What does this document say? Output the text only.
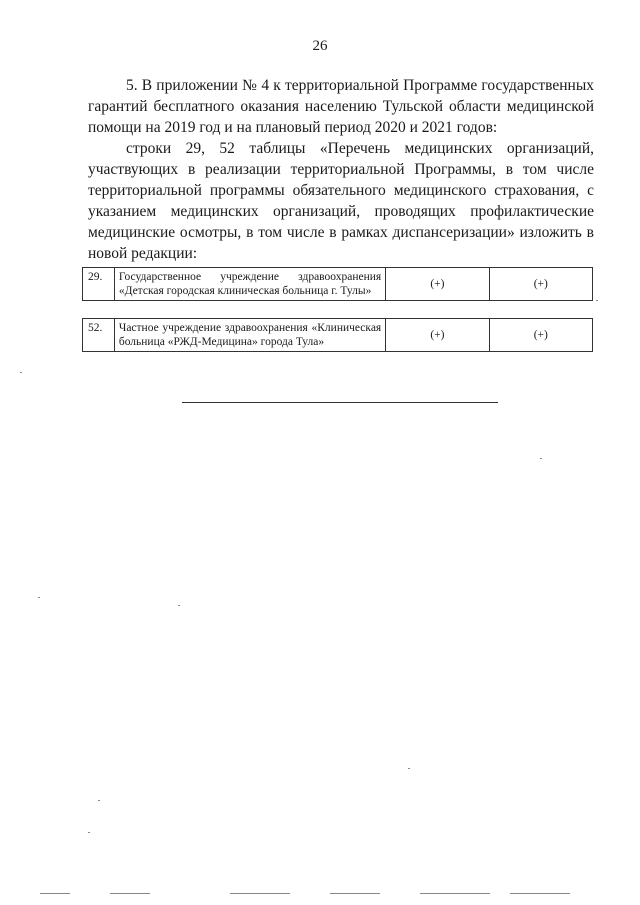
26

5. В приложении № 4 к территориальной Программе государственных гарантий бесплатного оказания населению Тульской области медицинской помощи на 2019 год и на плановый период 2020 и 2021 годов:

строки 29, 52 таблицы «Перечень медицинских организаций, участвующих в реализации территориальной Программы, в том числе территориальной программы обязательного медицинского страхования, с указанием медицинских организаций, проводящих профилактические медицинские осмотры, в том числе в рамках диспансеризации» изложить в новой редакции:

29.	Государственное учреждение здравоохранения «Детская городская клиническая больница г. Тулы»	(+)	(+)
52.	Частное учреждение здравоохранения «Клиническая больница «РЖД-Медицина» города Тула»	(+)	(+)
